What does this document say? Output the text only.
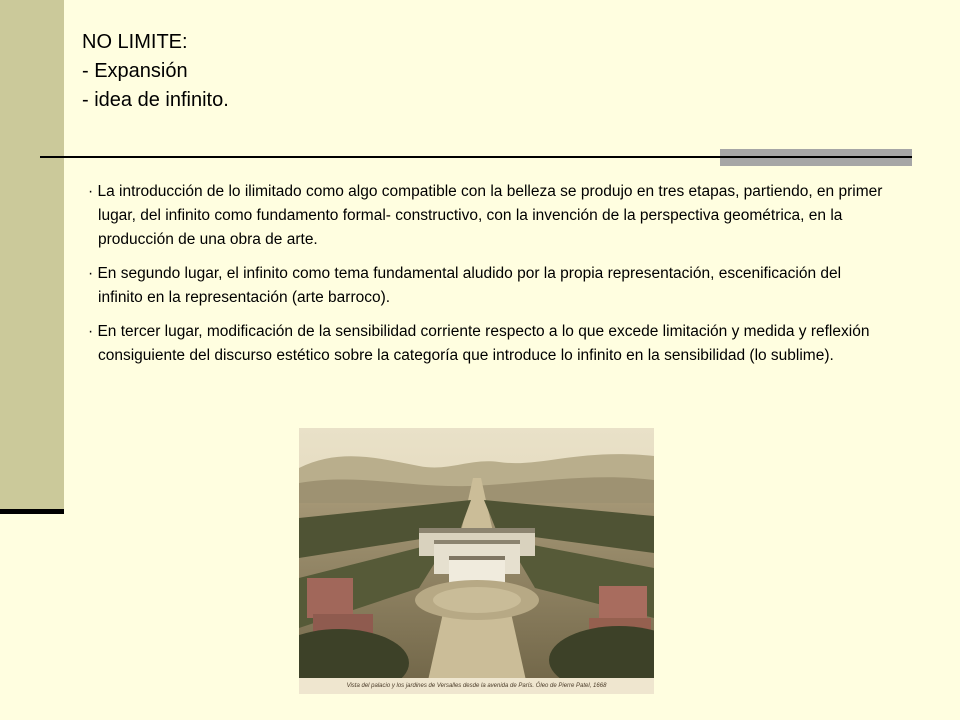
NO LIMITE:
- Expansión
- idea de infinito.

· La introducción de lo ilimitado como algo compatible con la belleza se produjo en tres etapas, partiendo, en primer lugar, del infinito como fundamento formal- constructivo, con la invención de la perspectiva geométrica, en la producción de una obra de arte.

· En segundo lugar, el infinito como tema fundamental aludido por la propia representación, escenificación del infinito en la representación (arte barroco).

· En tercer lugar, modificación de la sensibilidad corriente respecto a lo que excede limitación y medida y reflexión consiguiente del discurso estético sobre la categoría que introduce lo infinito en la sensibilidad (lo sublime).

Vista del palacio y los jardines de Versalles desde la avenida de París. Óleo de Pierre Patel, 1668
